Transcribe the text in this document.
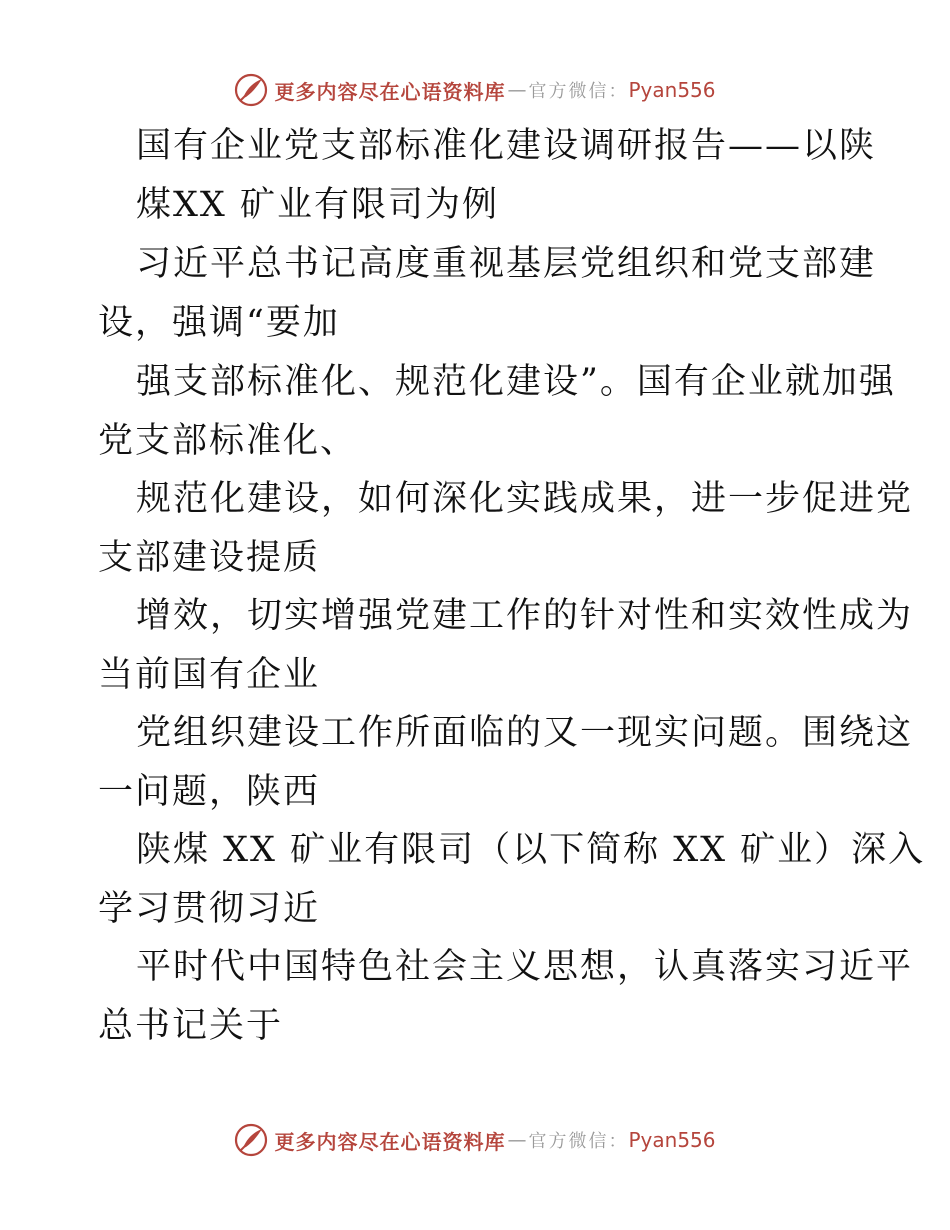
更多内容尽在心语资料库 — 官方微信： Pyan556
国有企业党支部标准化建设调研报告——以陕
煤XX 矿业有限司为例
习近平总书记高度重视基层党组织和党支部建
设，强调“要加
强支部标准化、规范化建设”。国有企业就加强
党支部标准化、
规范化建设，如何深化实践成果，进一步促进党
支部建设提质
增效，切实增强党建工作的针对性和实效性成为
当前国有企业
党组织建设工作所面临的又一现实问题。围绕这
一问题，陕西
陕煤 XX 矿业有限司（以下简称 XX 矿业）深入
学习贯彻习近
平时代中国特色社会主义思想，认真落实习近平
总书记关于
更多内容尽在心语资料库 — 官方微信： Pyan556
